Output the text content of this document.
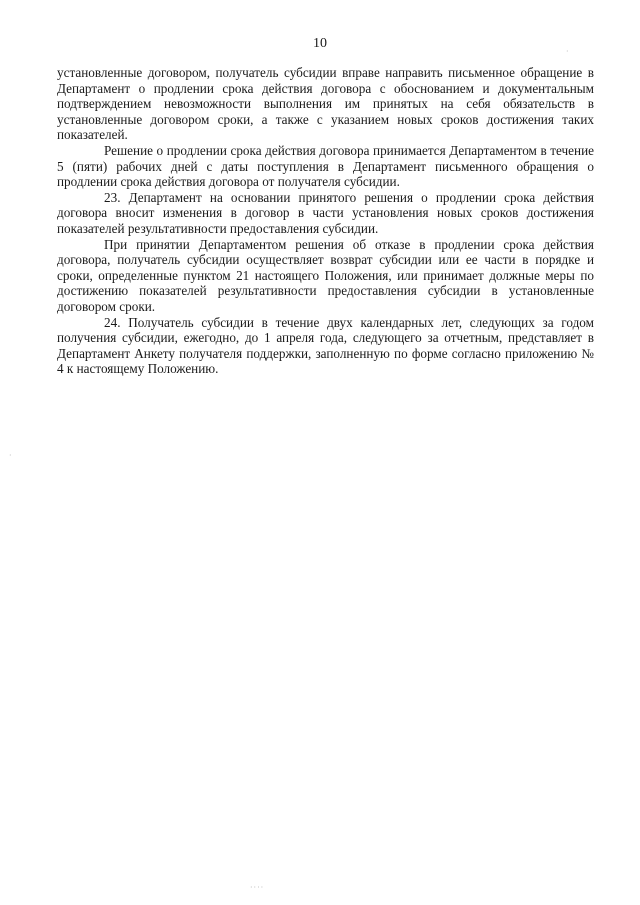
10

установленные договором, получатель субсидии вправе направить письменное обращение в Департамент о продлении срока действия договора с обоснованием и документальным подтверждением невозможности выполнения им принятых на себя обязательств в установленные договором сроки, а также с указанием новых сроков достижения таких показателей.

Решение о продлении срока действия договора принимается Департаментом в течение 5 (пяти) рабочих дней с даты поступления в Департамент письменного обращения о продлении срока действия договора от получателя субсидии.

23. Департамент на основании принятого решения о продлении срока действия договора вносит изменения в договор в части установления новых сроков достижения показателей результативности предоставления субсидии.

При принятии Департаментом решения об отказе в продлении срока действия договора, получатель субсидии осуществляет возврат субсидии или ее части в порядке и сроки, определенные пунктом 21 настоящего Положения, или принимает должные меры по достижению показателей результативности предоставления субсидии в установленные договором сроки.

24. Получатель субсидии в течение двух календарных лет, следующих за годом получения субсидии, ежегодно, до 1 апреля года, следующего за отчетным, представляет в Департамент Анкету получателя поддержки, заполненную по форме согласно приложению № 4 к настоящему Положению.

·
·
····
